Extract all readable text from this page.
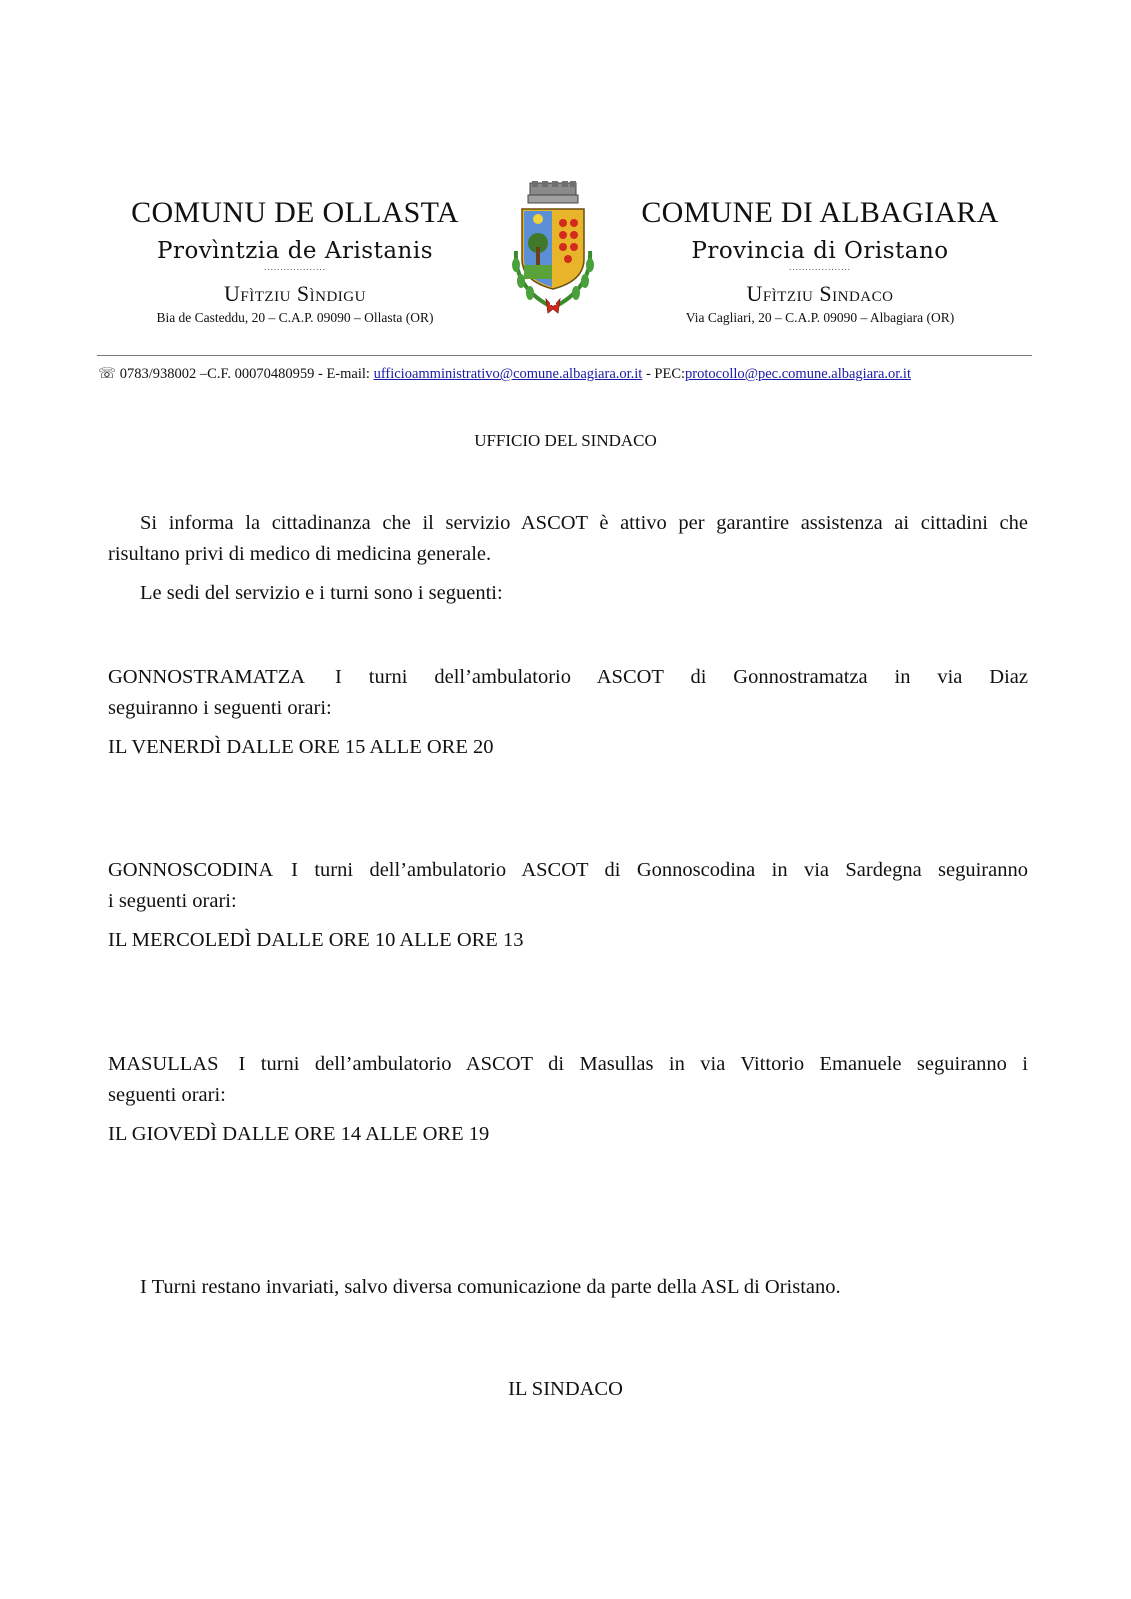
COMUNU DE OLLASTA
Provìntzia de Aristanis
...................
Ufìtziu Sìndigu
Bia de Casteddu, 20 – C.A.P. 09090 – Ollasta (OR)
COMUNE DI ALBAGIARA
Provincia di Oristano
...................
Ufìtziu Sindaco
Via Cagliari, 20 – C.A.P. 09090 – Albagiara (OR)
☏ 0783/938002 –C.F. 00070480959 - E-mail: ufficioamministrativo@comune.albagiara.or.it - PEC:protocollo@pec.comune.albagiara.or.it
UFFICIO DEL SINDACO
Si informa la cittadinanza che il servizio ASCOT è attivo per garantire assistenza ai cittadini che
risultano privi di medico di medicina generale.
Le sedi del servizio e i turni sono i seguenti:
GONNOSTRAMATZA I turni dell’ambulatorio ASCOT di Gonnostramatza in via Diaz
seguiranno i seguenti orari:
IL VENERDÌ DALLE ORE 15 ALLE ORE 20
GONNOSCODINA I turni dell’ambulatorio ASCOT di Gonnoscodina in via Sardegna seguiranno
i seguenti orari:
IL MERCOLEDÌ DALLE ORE 10 ALLE ORE 13
MASULLAS I turni dell’ambulatorio ASCOT di Masullas in via Vittorio Emanuele seguiranno i
seguenti orari:
IL GIOVEDÌ DALLE ORE 14 ALLE ORE 19
I Turni restano invariati, salvo diversa comunicazione da parte della ASL di Oristano.
IL SINDACO
